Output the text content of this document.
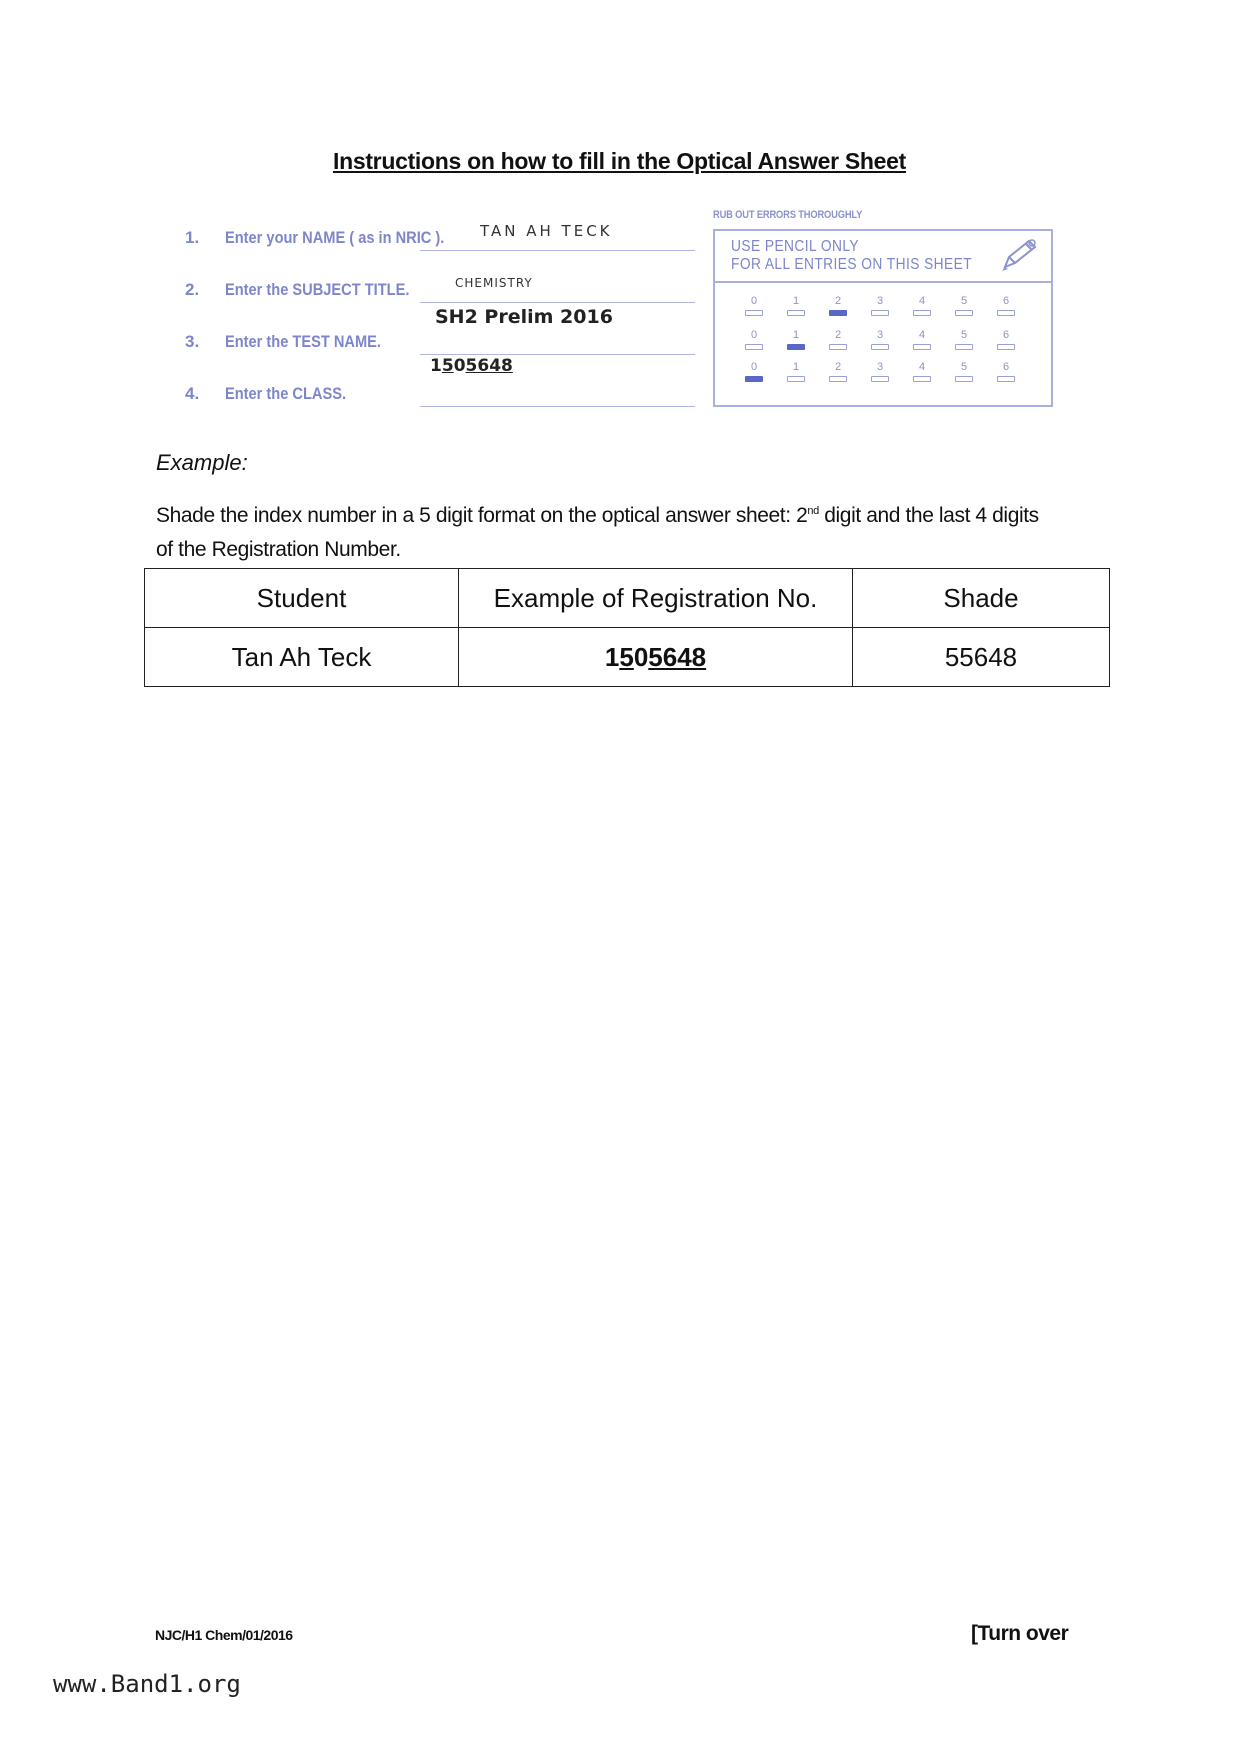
Instructions on how to fill in the Optical Answer Sheet
1.	Enter your NAME ( as in NRIC ). TAN AH TECK
2.	Enter the SUBJECT TITLE.	CHEMISTRY
3.	Enter the TEST NAME.
SH2 Prelim 2016
4.	Enter the CLASS.
1505648
RUB OUT ERRORS THOROUGHLY
USE PENCIL ONLY
FOR ALL ENTRIES ON THIS SHEET
0	1	2	3	4	5	6
0	1	2	3	4	5	6
0	1	2	3	4	5	6
Example:
Shade the index number in a 5 digit format on the optical answer sheet: 2nd digit and the last 4 digits of the Registration Number.
Student	Example of Registration No.	Shade
Tan Ah Teck	1505648	55648
NJC/H1 Chem/01/2016	[Turn over
www.Band1.org
